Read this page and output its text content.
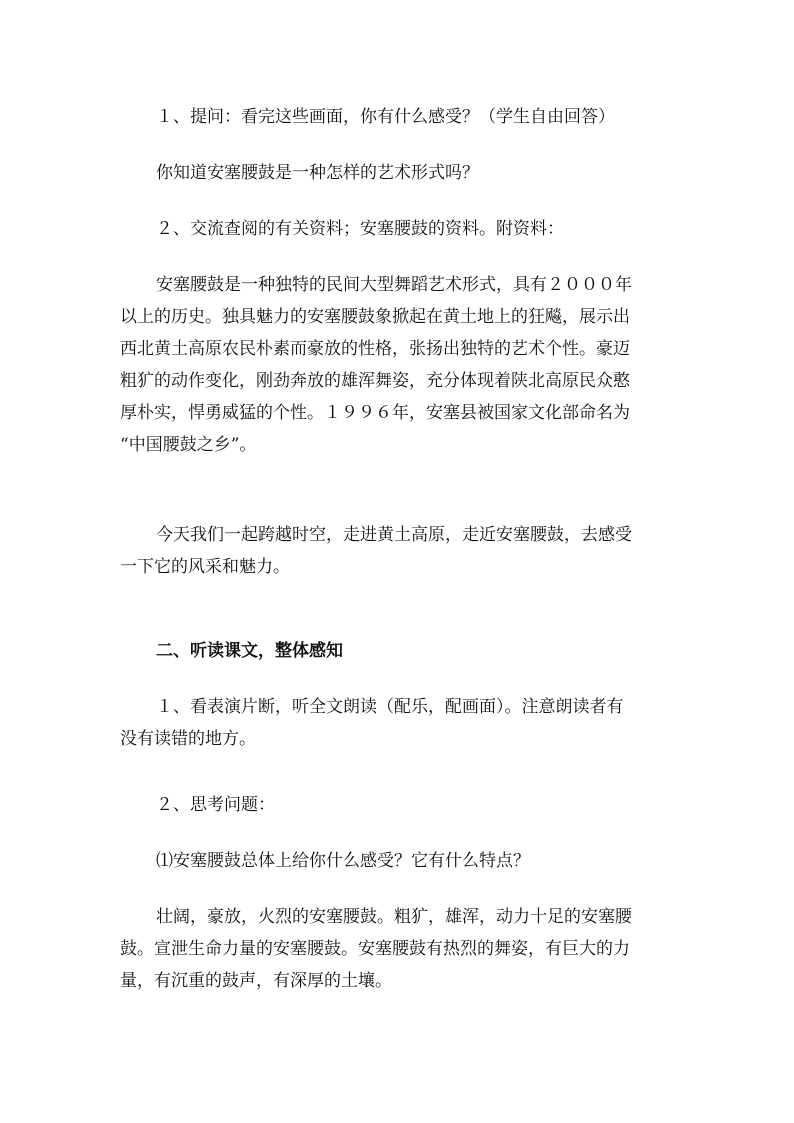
１、提问：看完这些画面，你有什么感受？（学生自由回答）

你知道安塞腰鼓是一种怎样的艺术形式吗？

２、交流查阅的有关资料；安塞腰鼓的资料。附资料：

安塞腰鼓是一种独特的民间大型舞蹈艺术形式，具有２０００年
以上的历史。独具魅力的安塞腰鼓象掀起在黄土地上的狂飚，展示出
西北黄土高原农民朴素而豪放的性格，张扬出独特的艺术个性。豪迈
粗犷的动作变化，刚劲奔放的雄浑舞姿，充分体现着陕北高原民众憨
厚朴实，悍勇威猛的个性。１９９６年，安塞县被国家文化部命名为
“中国腰鼓之乡”。
今天我们一起跨越时空，走进黄土高原，走近安塞腰鼓，去感受
一下它的风采和魅力。

二、听读课文，整体感知

１、看表演片断，听全文朗读（配乐，配画面）。注意朗读者有
没有读错的地方。

２、思考问题：

⑴安塞腰鼓总体上给你什么感受？它有什么特点？

壮阔，豪放，火烈的安塞腰鼓。粗犷，雄浑，动力十足的安塞腰
鼓。宣泄生命力量的安塞腰鼓。安塞腰鼓有热烈的舞姿，有巨大的力
量，有沉重的鼓声，有深厚的土壤。
